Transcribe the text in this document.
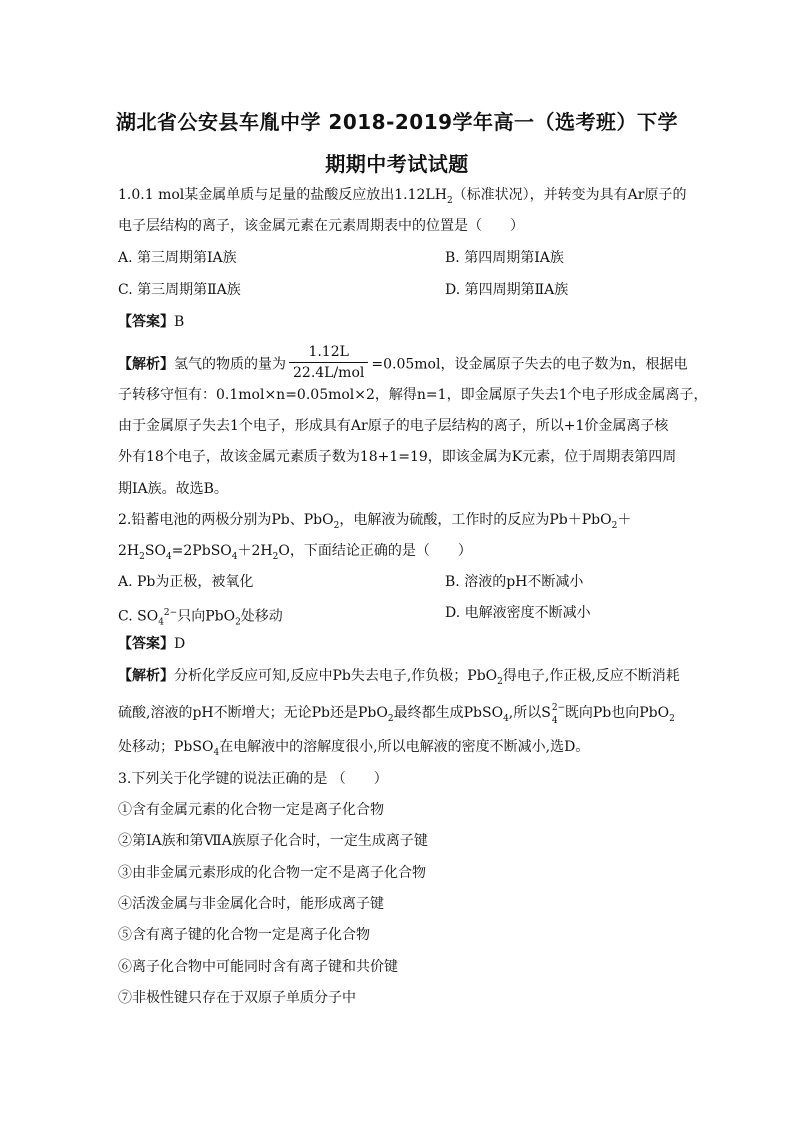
湖北省公安县车胤中学 2018-2019学年高一（选考班）下学
期期中考试试题
1.0.1 mol某金属单质与足量的盐酸反应放出$1.12LH_2$（标准状况），并转变为具有Ar原子的
电子层结构的离子，该金属元素在元素周期表中的位置是（　　）
A. 第三周期第IA族	B. 第四周期第IA族
C. 第三周期第ⅡA族	D. 第四周期第ⅡA族
【答案】B
【解析】氢气的物质的量为 $\frac{1.12L}{\text{22.4L/mol}} =0.05mol$，设金属原子失去的电子数为n，根据电
子转移守恒有：0.1mol×n=0.05mol×2，解得n=1，即金属原子失去1个电子形成金属离子，
由于金属原子失去1个电子，形成具有Ar原子的电子层结构的离子，所以+1价金属离子核
外有18个电子，故该金属元素质子数为18+1=19，即该金属为K元素，位于周期表第四周
期ⅠA族。故选B。
2.铅蓄电池的两极分别为Pb、PbO$_2$，电解液为硫酸，工作时的反应为Pb＋PbO$_2$＋
$2H_2SO_4=2PbSO_4+2H_2O$，下面结论正确的是（　　）
A. Pb为正极，被氧化	B. 溶液的pH不断减小
C. $SO_4^{2-}$只向PbO$_2$处移动	D. 电解液密度不断减小
【答案】D
【解析】分析化学反应可知,反应中Pb失去电子,作负极；PbO$_2$得电子,作正极,反应不断消耗
硫酸,溶液的pH不断增大；无论Pb还是PbO$_2$最终都生成PbSO$_4$,所以S 2−
4 既向Pb也向PbO$_2$
处移动；PbSO$_4$在电解液中的溶解度很小,所以电解液的密度不断减小,选D。
3.下列关于化学键的说法正确的是 （　　）
①含有金属元素的化合物一定是离子化合物
②第ⅠA族和第ⅦA族原子化合时，一定生成离子键
③由非金属元素形成的化合物一定不是离子化合物
④活泼金属与非金属化合时，能形成离子键
⑤含有离子键的化合物一定是离子化合物
⑥离子化合物中可能同时含有离子键和共价键
⑦非极性键只存在于双原子单质分子中
